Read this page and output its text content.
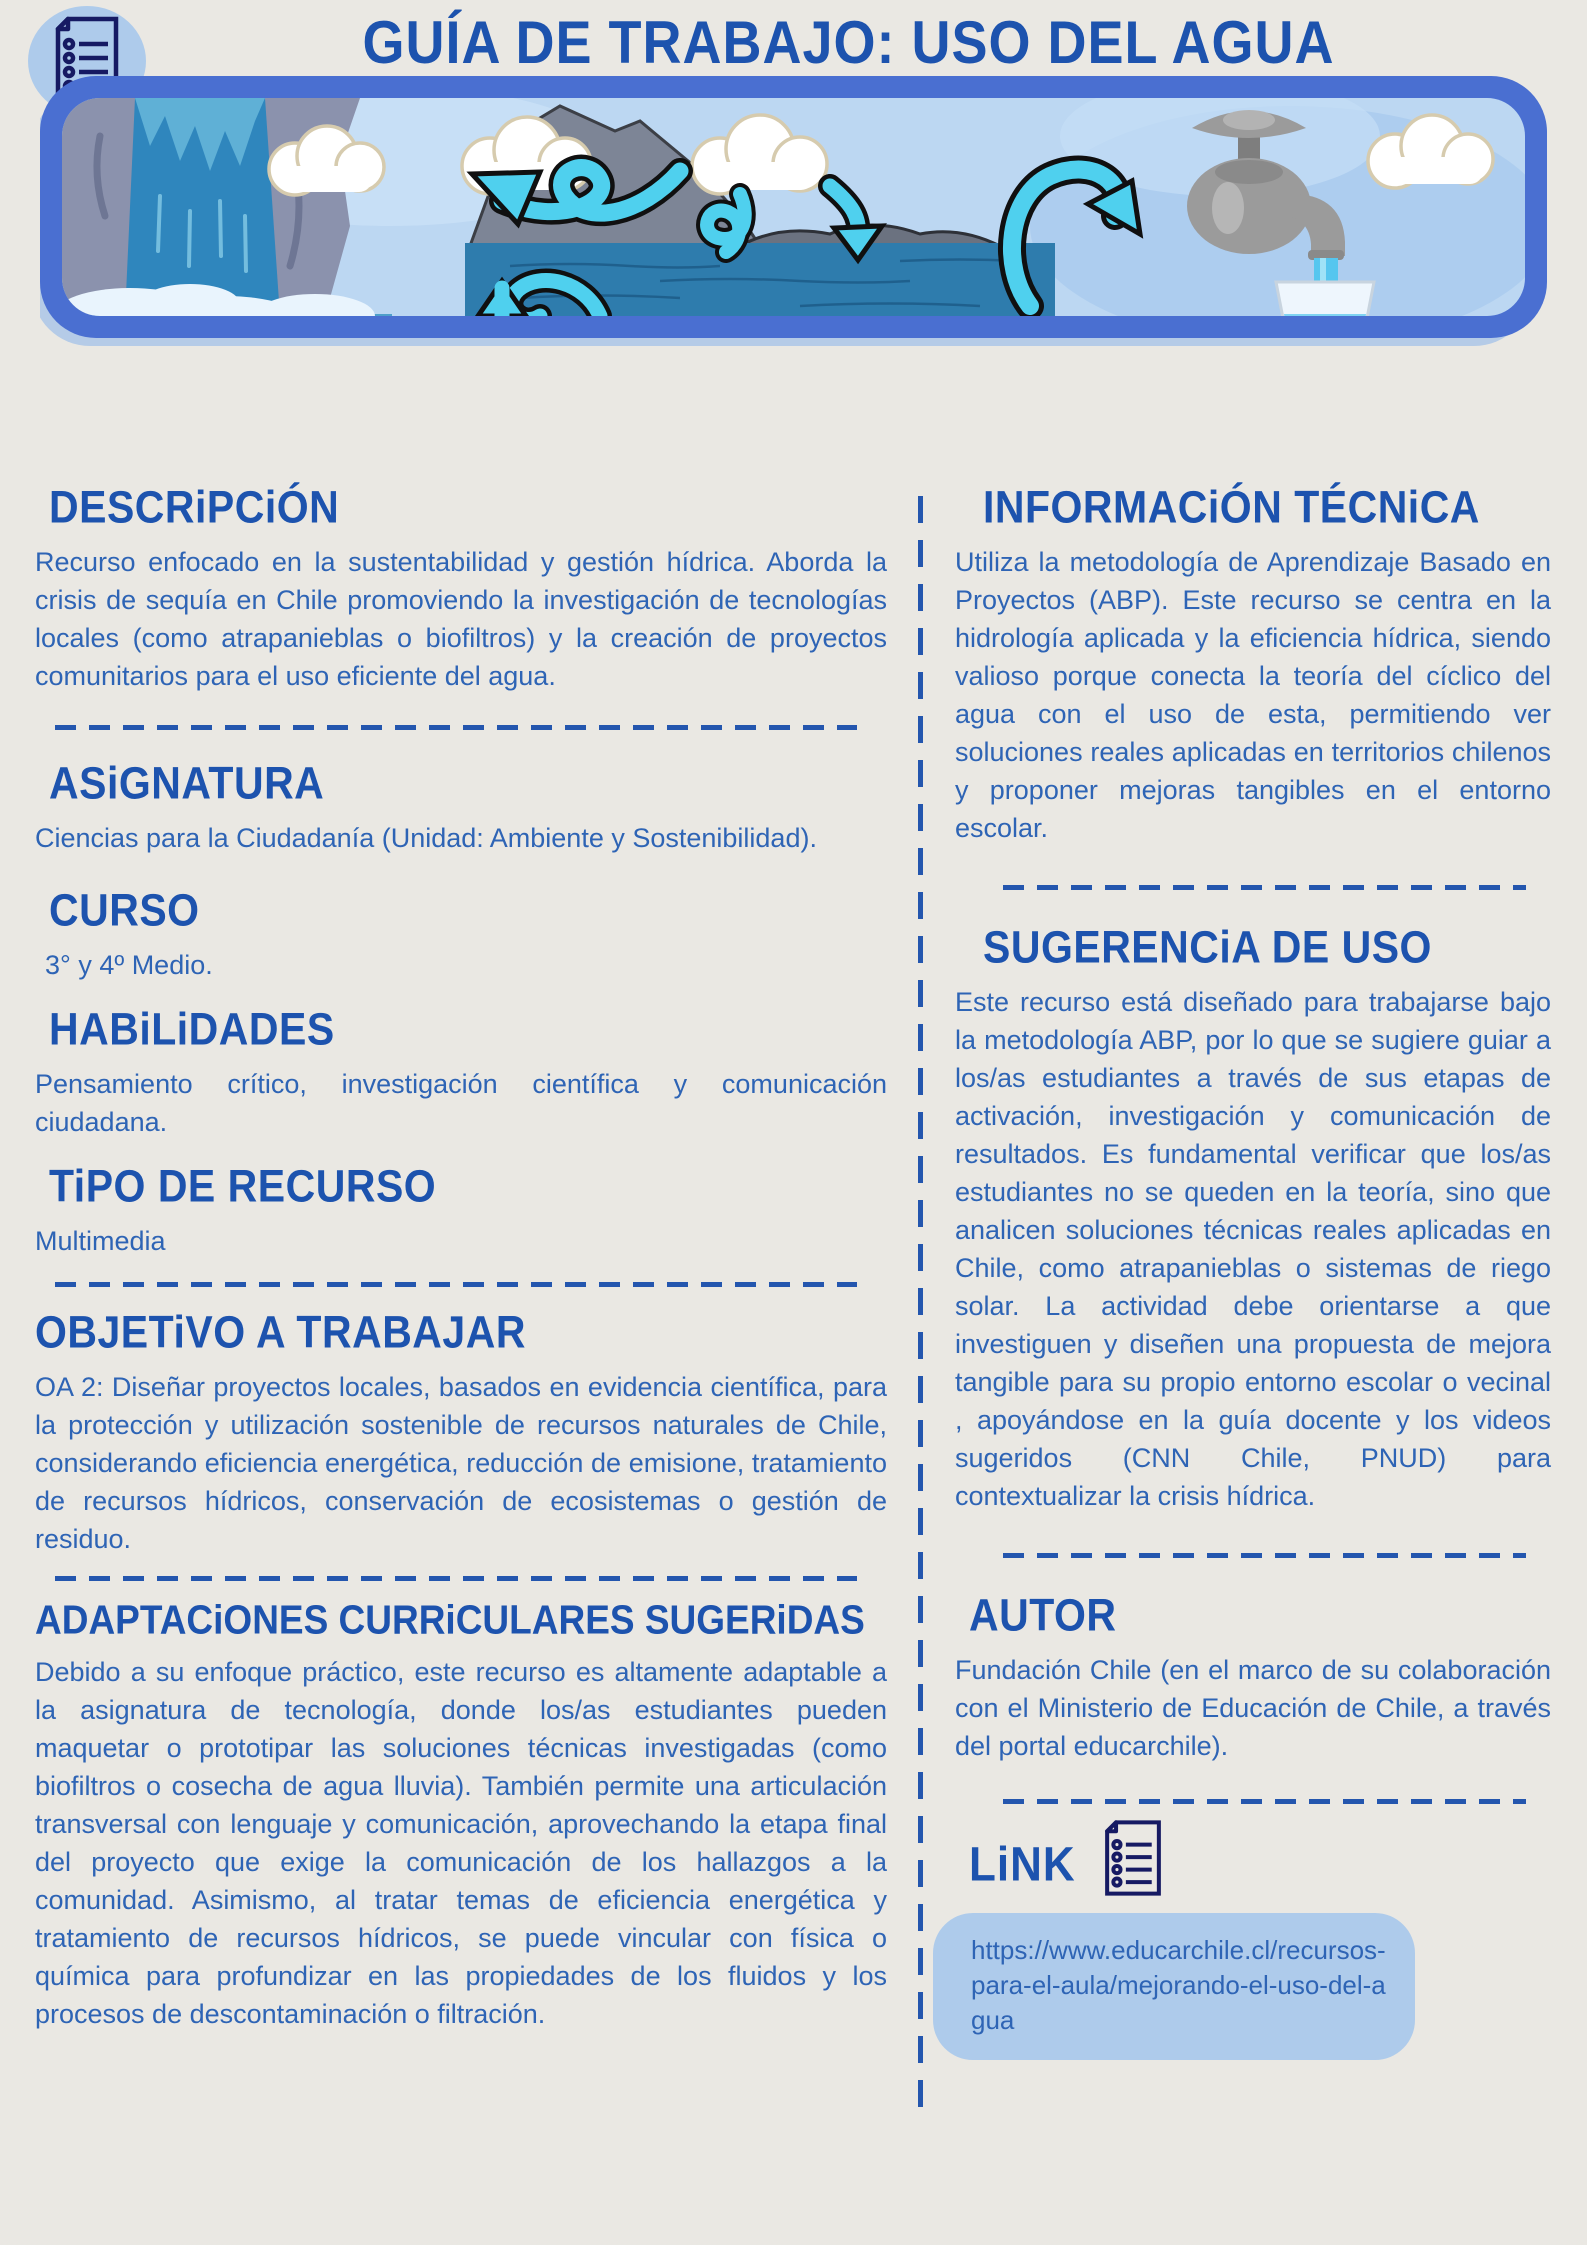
GUÍA DE TRABAJO: USO DEL AGUA
DESCRiPCiÓN

Recurso enfocado en la sustentabilidad y gestión hídrica. Aborda la crisis de sequía en Chile promoviendo la investigación de tecnologías locales (como atrapanieblas o biofiltros) y la creación de proyectos comunitarios para el uso eficiente del agua.

ASiGNATURA

Ciencias para la Ciudadanía (Unidad: Ambiente y Sostenibilidad).

CURSO

3° y 4º Medio.

HABiLiDADES

Pensamiento crítico, investigación científica y comunicación ciudadana.

TiPO DE RECURSO

Multimedia

OBJETiVO A TRABAJAR

OA 2: Diseñar proyectos locales, basados en evidencia científica, para la protección y utilización sostenible de recursos naturales de Chile, considerando eficiencia energética, reducción de emisione, tratamiento de recursos hídricos, conservación de ecosistemas o gestión de residuo.

ADAPTACiONES CURRiCULARES SUGERiDAS

Debido a su enfoque práctico, este recurso es altamente adaptable a la asignatura de tecnología, donde los/as estudiantes pueden maquetar o prototipar las soluciones técnicas investigadas (como biofiltros o cosecha de agua lluvia). También permite una articulación transversal con lenguaje y comunicación, aprovechando la etapa final del proyecto que exige la comunicación de los hallazgos a la comunidad. Asimismo, al tratar temas de eficiencia energética y tratamiento de recursos hídricos, se puede vincular con física o química para profundizar en las propiedades de los fluidos y los procesos de descontaminación o filtración.

INFORMACiÓN TÉCNiCA

Utiliza la metodología de Aprendizaje Basado en Proyectos (ABP). Este recurso se centra en la hidrología aplicada y la eficiencia hídrica, siendo valioso porque conecta la teoría del cíclico del agua con el uso de esta, permitiendo ver soluciones reales aplicadas en territorios chilenos y proponer mejoras tangibles en el entorno escolar.

SUGERENCiA DE USO

Este recurso está diseñado para trabajarse bajo la metodología ABP, por lo que se sugiere guiar a los/as estudiantes a través de sus etapas de activación, investigación y comunicación de resultados. Es fundamental verificar que los/as estudiantes no se queden en la teoría, sino que analicen soluciones técnicas reales aplicadas en Chile, como atrapanieblas o sistemas de riego solar. La actividad debe orientarse a que investiguen y diseñen una propuesta de mejora tangible para su propio entorno escolar o vecinal , apoyándose en la guía docente y los videos sugeridos (CNN Chile, PNUD) para contextualizar la crisis hídrica.

AUTOR

Fundación Chile (en el marco de su colaboración con el Ministerio de Educación de Chile, a través del portal educarchile).

LiNK
https://www.educarchile.cl/recursos-para-el-aula/mejorando-el-uso-del-agua
